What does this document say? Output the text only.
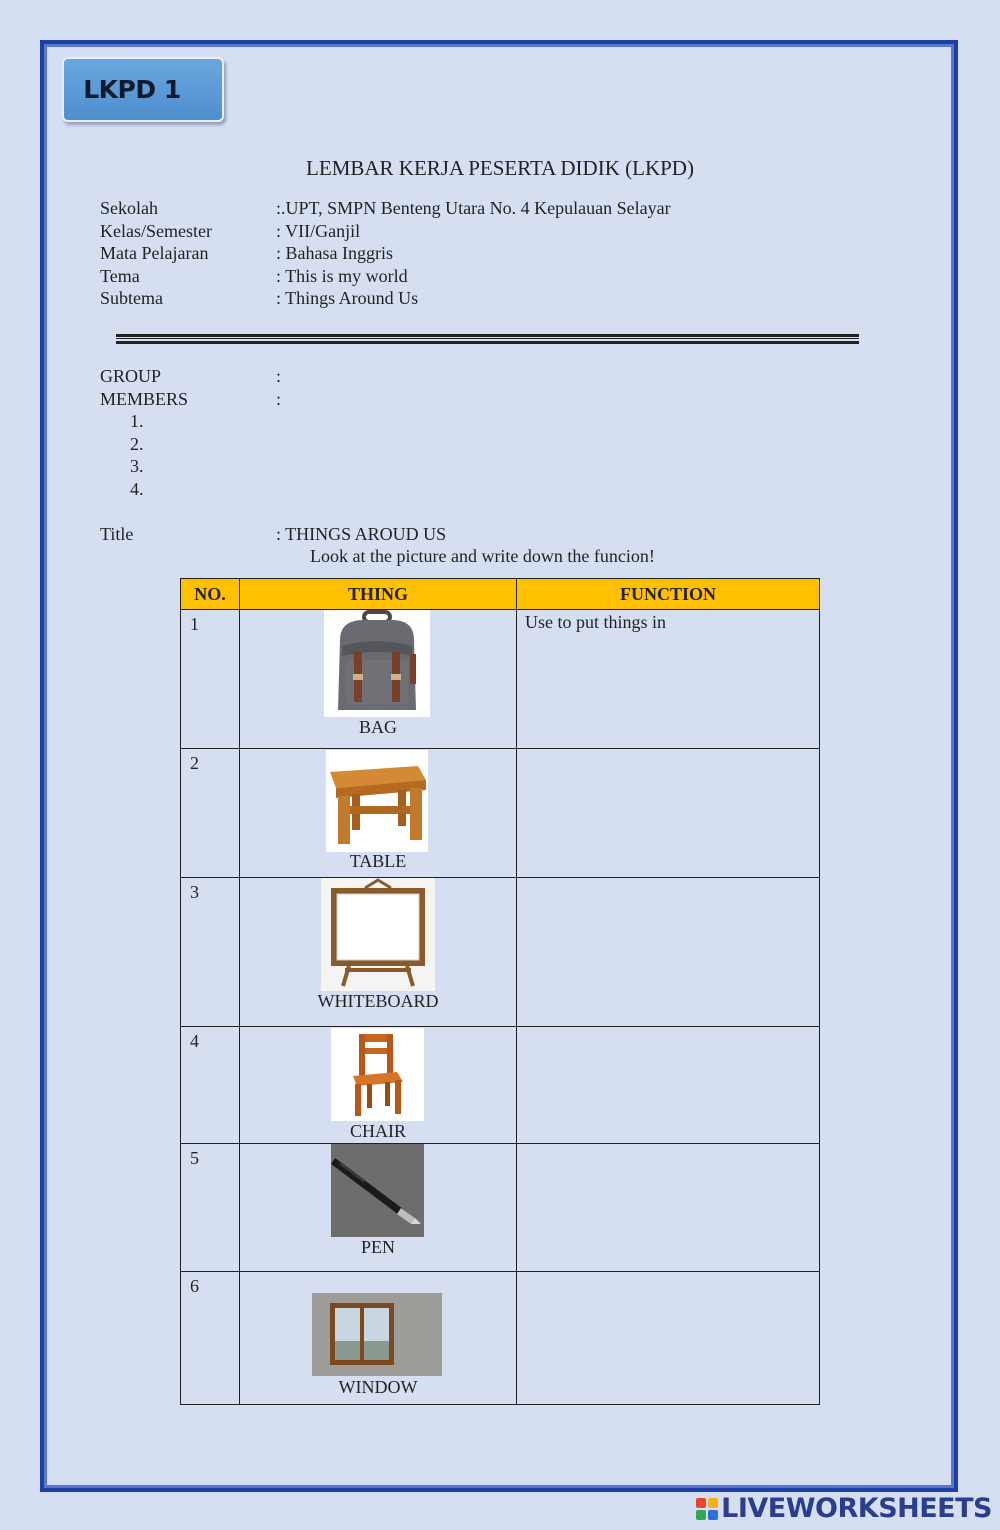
LKPD 1
LEMBAR KERJA PESERTA DIDIK (LKPD)
Sekolah	:.UPT, SMPN Benteng Utara No. 4 Kepulauan Selayar
Kelas/Semester	: VII/Ganjil
Mata Pelajaran	: Bahasa Inggris
Tema	: This is my world
Subtema	: Things Around Us
GROUP	:
MEMBERS	:
1.
2.
3.
4.
Title	: THINGS AROUD US
Look at the picture and write down the funcion!
NO.	THING	FUNCTION
1	BAG	Use to put things in
2	TABLE	

3	WHITEBOARD	

4	CHAIR	

5	PEN	

6	WINDOW	

LIVEWORKSHEETS
